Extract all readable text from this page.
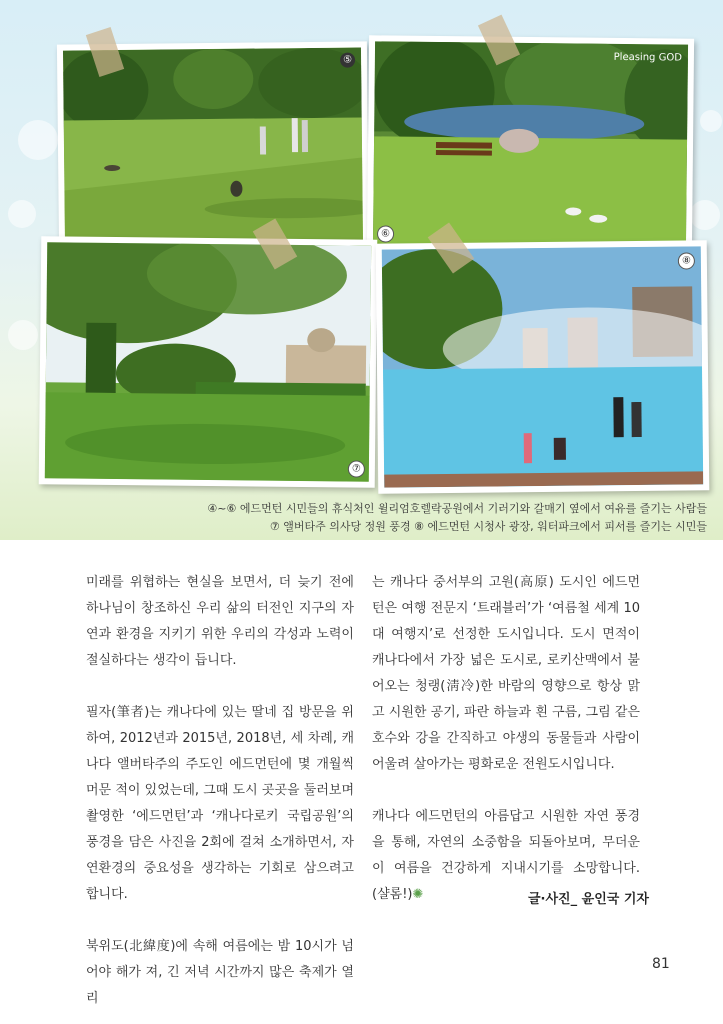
⑤	Pleasing GOD
⑥
⑦
⑧
④~⑥ 에드먼턴 시민들의 휴식처인 윌리엄호렐락공원에서 기러기와 갈매기 옆에서 여유를 즐기는 사람들
⑦ 앨버타주 의사당 정원 풍경 ⑧ 에드먼턴 시청사 광장, 워터파크에서 피서를 즐기는 시민들

미래를 위협하는 현실을 보면서, 더 늦기 전에 하나님이 창조하신 우리 삶의 터전인 지구의 자연과 환경을 지키기 위한 우리의 각성과 노력이 절실하다는 생각이 듭니다.

필자(筆者)는 캐나다에 있는 딸네 집 방문을 위하여, 2012년과 2015년, 2018년, 세 차례, 캐나다 앨버타주의 주도인 에드먼턴에 몇 개월씩 머문 적이 있었는데, 그때 도시 곳곳을 둘러보며 촬영한 ‘에드먼턴’과 ‘캐나다로키 국립공원’의 풍경을 담은 사진을 2회에 걸쳐 소개하면서, 자연환경의 중요성을 생각하는 기회로 삼으려고 합니다.

북위도(北緯度)에 속해 여름에는 밤 10시가 넘어야 해가 져, 긴 저녁 시간까지 많은 축제가 열리

는 캐나다 중서부의 고원(高原) 도시인 에드먼턴은 여행 전문지 ‘트래블러’가 ‘여름철 세계 10대 여행지’로 선정한 도시입니다. 도시 면적이 캐나다에서 가장 넓은 도시로, 로키산맥에서 불어오는 청랭(淸冷)한 바람의 영향으로 항상 맑고 시원한 공기, 파란 하늘과 흰 구름, 그림 같은 호수와 강을 간직하고 야생의 동물들과 사람이 어울려 살아가는 평화로운 전원도시입니다.

캐나다 에드먼턴의 아름답고 시원한 자연 풍경을 통해, 자연의 소중함을 되돌아보며, 무더운 이 여름을 건강하게 지내시기를 소망합니다. (샬롬!)✺	글·사진_ 윤인국 기자
81
